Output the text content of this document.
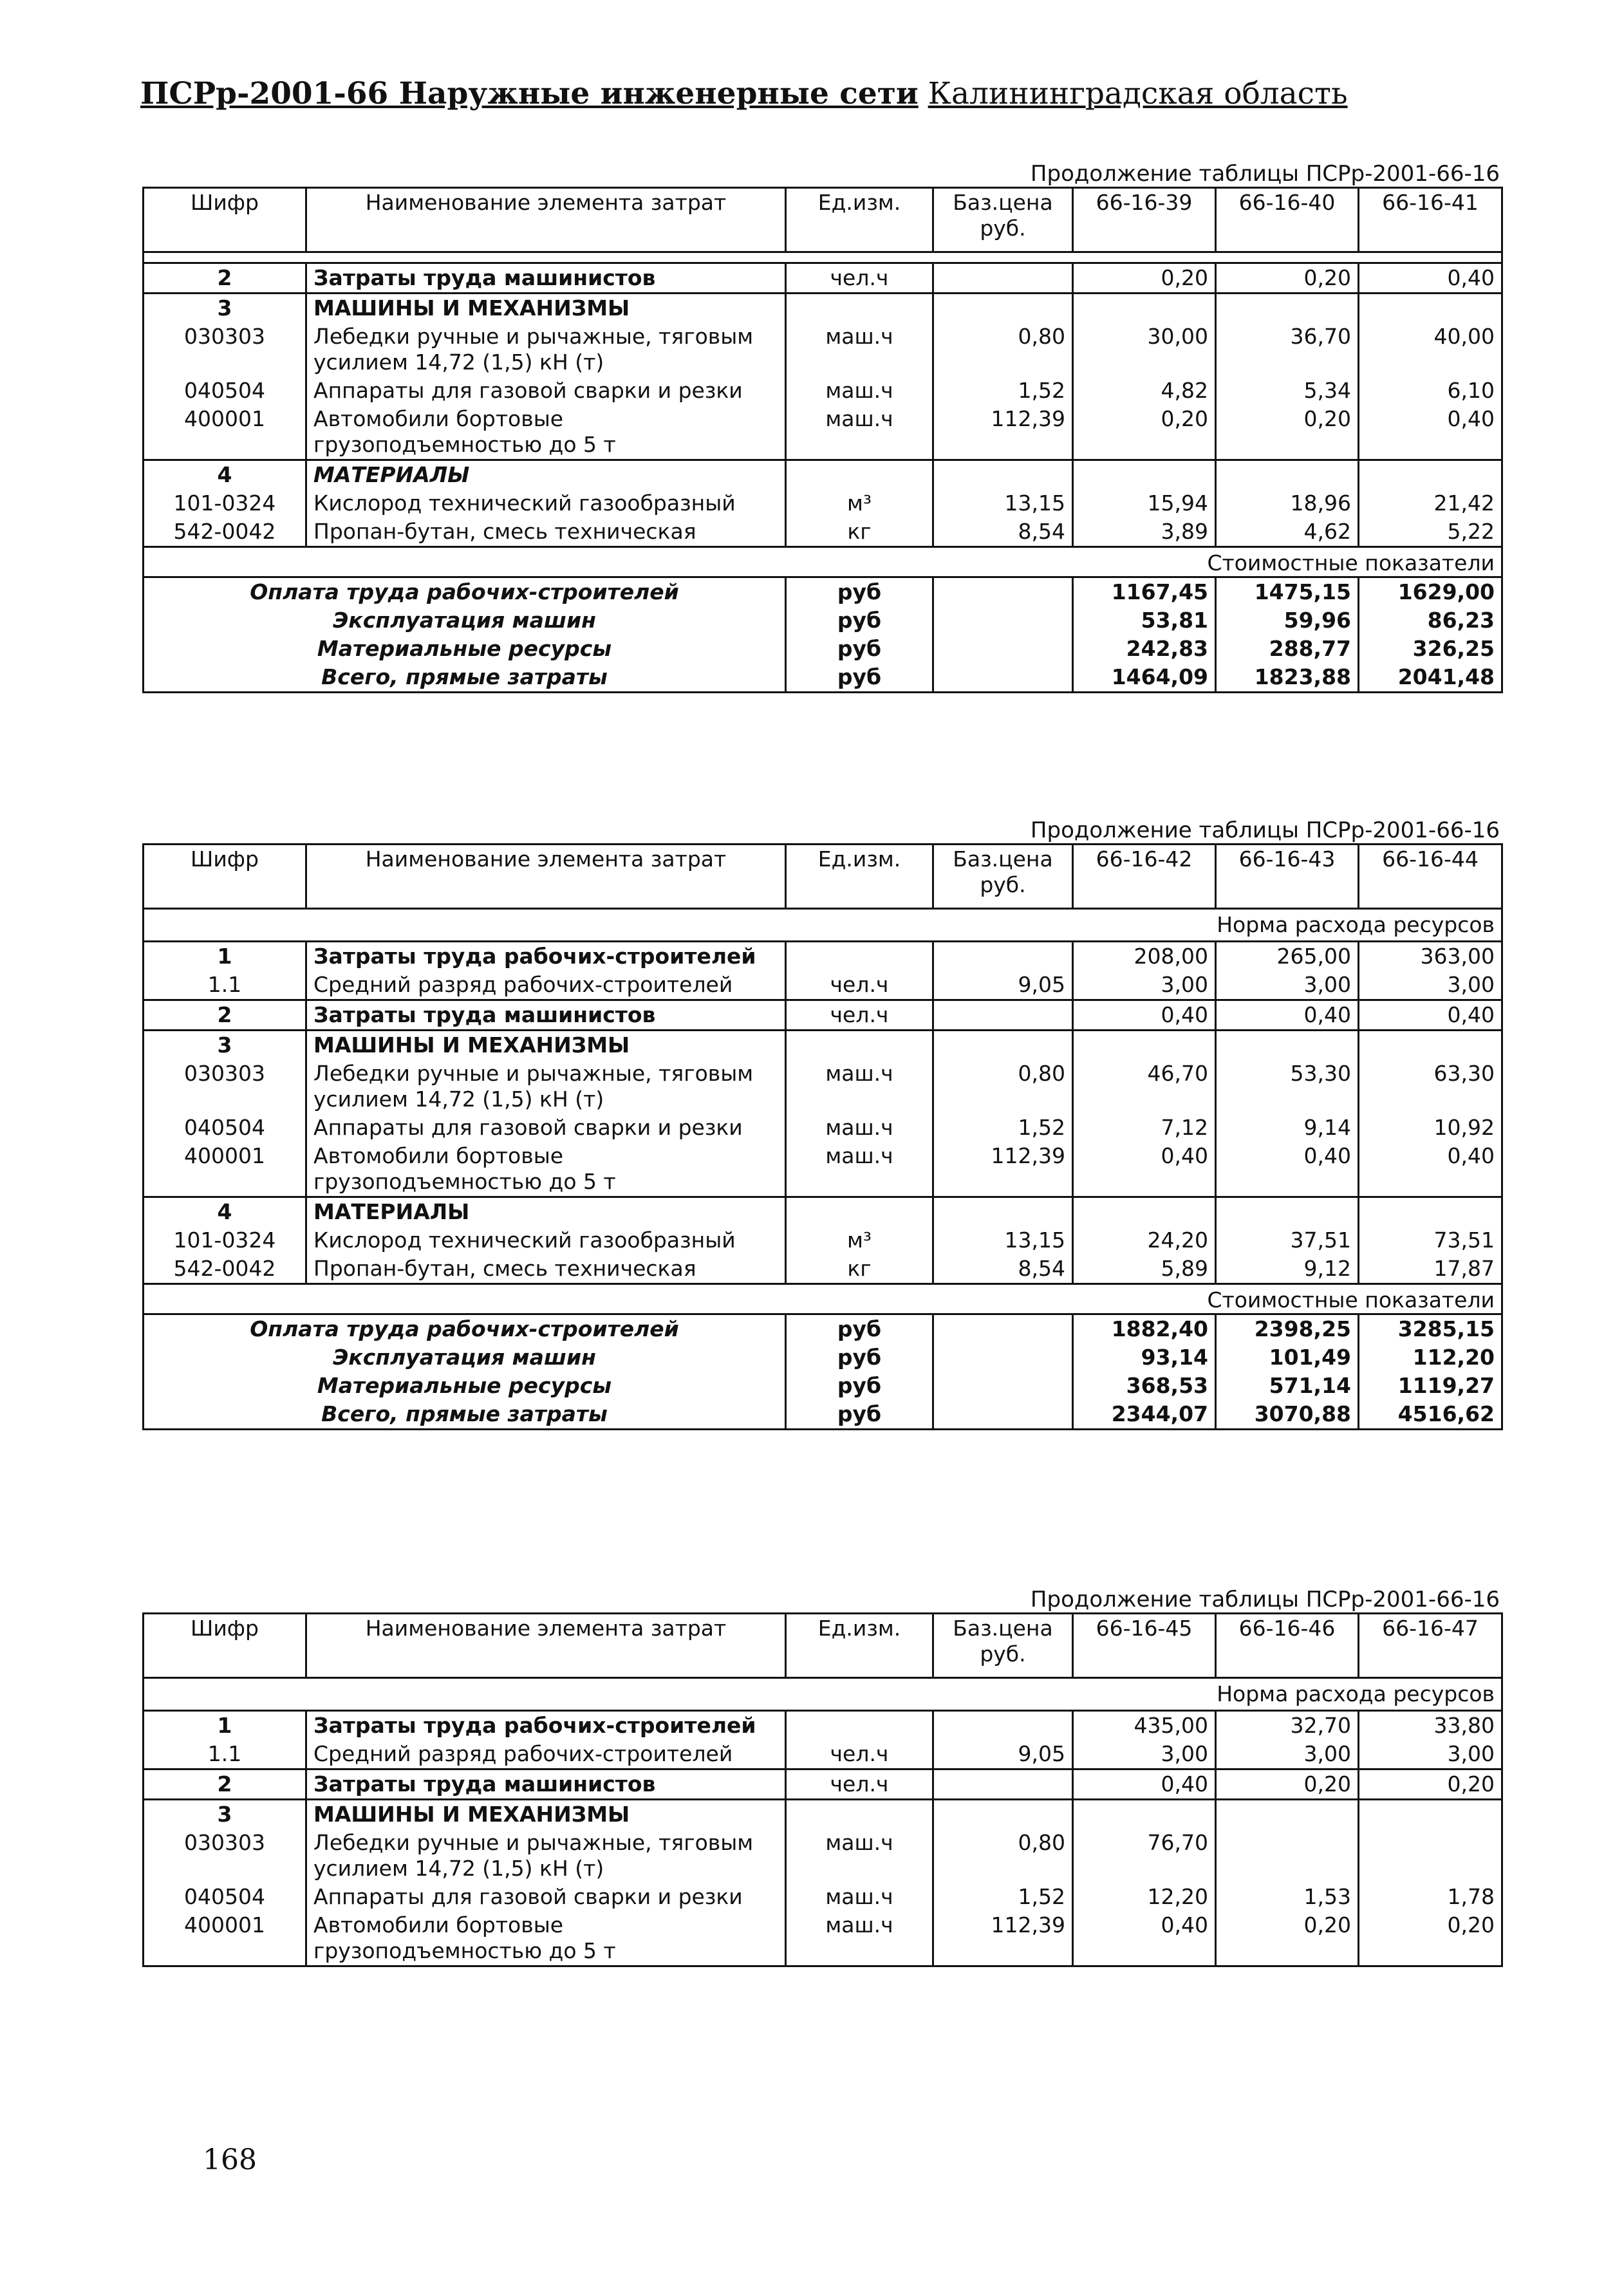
ПСРр-2001-66 Наружные инженерные сети Калининградская область
Продолжение таблицы ПСРр-2001-66-16
Шифр	Наименование элемента затрат	Ед.изм.	Баз.цена руб.	66-16-39	66-16-40	66-16-41

2	Затраты труда машинистов	чел.ч		0,20	0,20	0,40
3	МАШИНЫ И МЕХАНИЗМЫ					
030303	Лебедки ручные и рычажные, тяговым усилием 14,72 (1,5) кН (т)	маш.ч	0,80	30,00	36,70	40,00
040504	Аппараты для газовой сварки и резки	маш.ч	1,52	4,82	5,34	6,10
400001	Автомобили бортовые грузоподъемностью до 5 т	маш.ч	112,39	0,20	0,20	0,40
4	МАТЕРИАЛЫ					
101-0324	Кислород технический газообразный	м³	13,15	15,94	18,96	21,42
542-0042	Пропан-бутан, смесь техническая	кг	8,54	3,89	4,62	5,22
Стоимостные показатели						
Оплата труда рабочих-строителей		руб		1167,45	1475,15	1629,00
Эксплуатация машин		руб		53,81	59,96	86,23
Материальные ресурсы		руб		242,83	288,77	326,25
Всего, прямые затраты		руб		1464,09	1823,88	2041,48
Продолжение таблицы ПСРр-2001-66-16
Шифр	Наименование элемента затрат	Ед.изм.	Баз.цена руб.	66-16-42	66-16-43	66-16-44
Норма расхода ресурсов						
1	Затраты труда рабочих-строителей			208,00	265,00	363,00
1.1	Средний разряд рабочих-строителей	чел.ч	9,05	3,00	3,00	3,00
2	Затраты труда машинистов	чел.ч		0,40	0,40	0,40
3	МАШИНЫ И МЕХАНИЗМЫ					
030303	Лебедки ручные и рычажные, тяговым усилием 14,72 (1,5) кН (т)	маш.ч	0,80	46,70	53,30	63,30
040504	Аппараты для газовой сварки и резки	маш.ч	1,52	7,12	9,14	10,92
400001	Автомобили бортовые грузоподъемностью до 5 т	маш.ч	112,39	0,40	0,40	0,40
4	МАТЕРИАЛЫ					
101-0324	Кислород технический газообразный	м³	13,15	24,20	37,51	73,51
542-0042	Пропан-бутан, смесь техническая	кг	8,54	5,89	9,12	17,87
Стоимостные показатели						
Оплата труда рабочих-строителей		руб		1882,40	2398,25	3285,15
Эксплуатация машин		руб		93,14	101,49	112,20
Материальные ресурсы		руб		368,53	571,14	1119,27
Всего, прямые затраты		руб		2344,07	3070,88	4516,62
Продолжение таблицы ПСРр-2001-66-16
Шифр	Наименование элемента затрат	Ед.изм.	Баз.цена руб.	66-16-45	66-16-46	66-16-47
Норма расхода ресурсов						
1	Затраты труда рабочих-строителей			435,00	32,70	33,80
1.1	Средний разряд рабочих-строителей	чел.ч	9,05	3,00	3,00	3,00
2	Затраты труда машинистов	чел.ч		0,40	0,20	0,20
3	МАШИНЫ И МЕХАНИЗМЫ					
030303	Лебедки ручные и рычажные, тяговым усилием 14,72 (1,5) кН (т)	маш.ч	0,80	76,70		
040504	Аппараты для газовой сварки и резки	маш.ч	1,52	12,20	1,53	1,78
400001	Автомобили бортовые грузоподъемностью до 5 т	маш.ч	112,39	0,40	0,20	0,20
168
